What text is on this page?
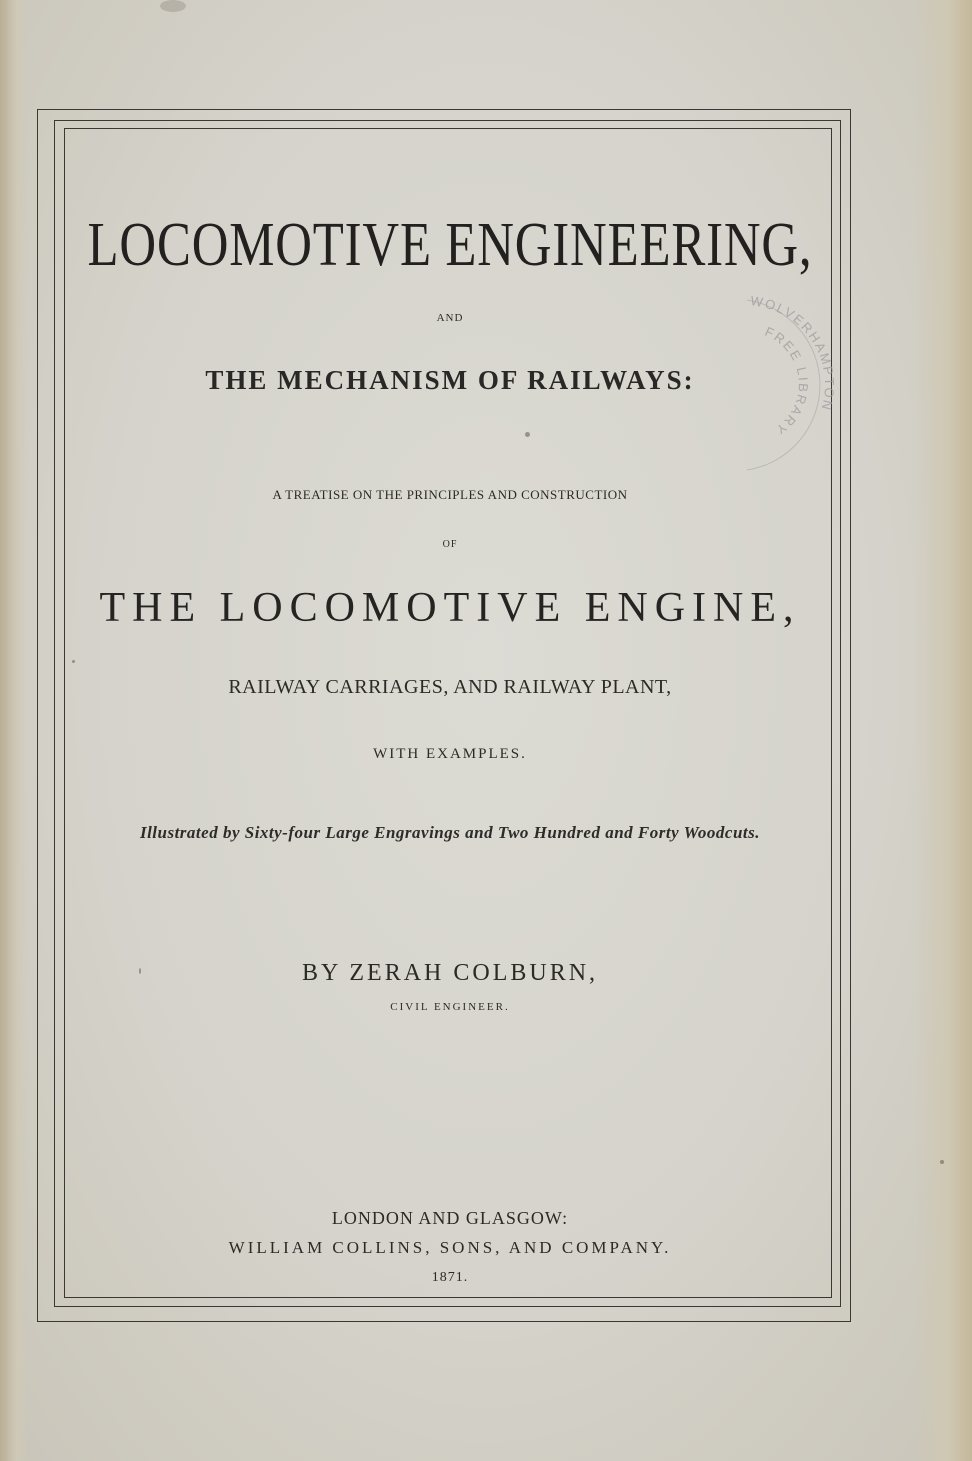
WOLVERHAMPTON
FREE LIBRARY

LOCOMOTIVE ENGINEERING,

AND

THE MECHANISM OF RAILWAYS:

A TREATISE ON THE PRINCIPLES AND CONSTRUCTION

OF

THE LOCOMOTIVE ENGINE,

RAILWAY CARRIAGES, AND RAILWAY PLANT,

WITH EXAMPLES.

Illustrated by Sixty-four Large Engravings and Two Hundred and Forty Woodcuts.

BY ZERAH COLBURN,

CIVIL ENGINEER.

LONDON AND GLASGOW:

WILLIAM COLLINS, SONS, AND COMPANY.

1871.
